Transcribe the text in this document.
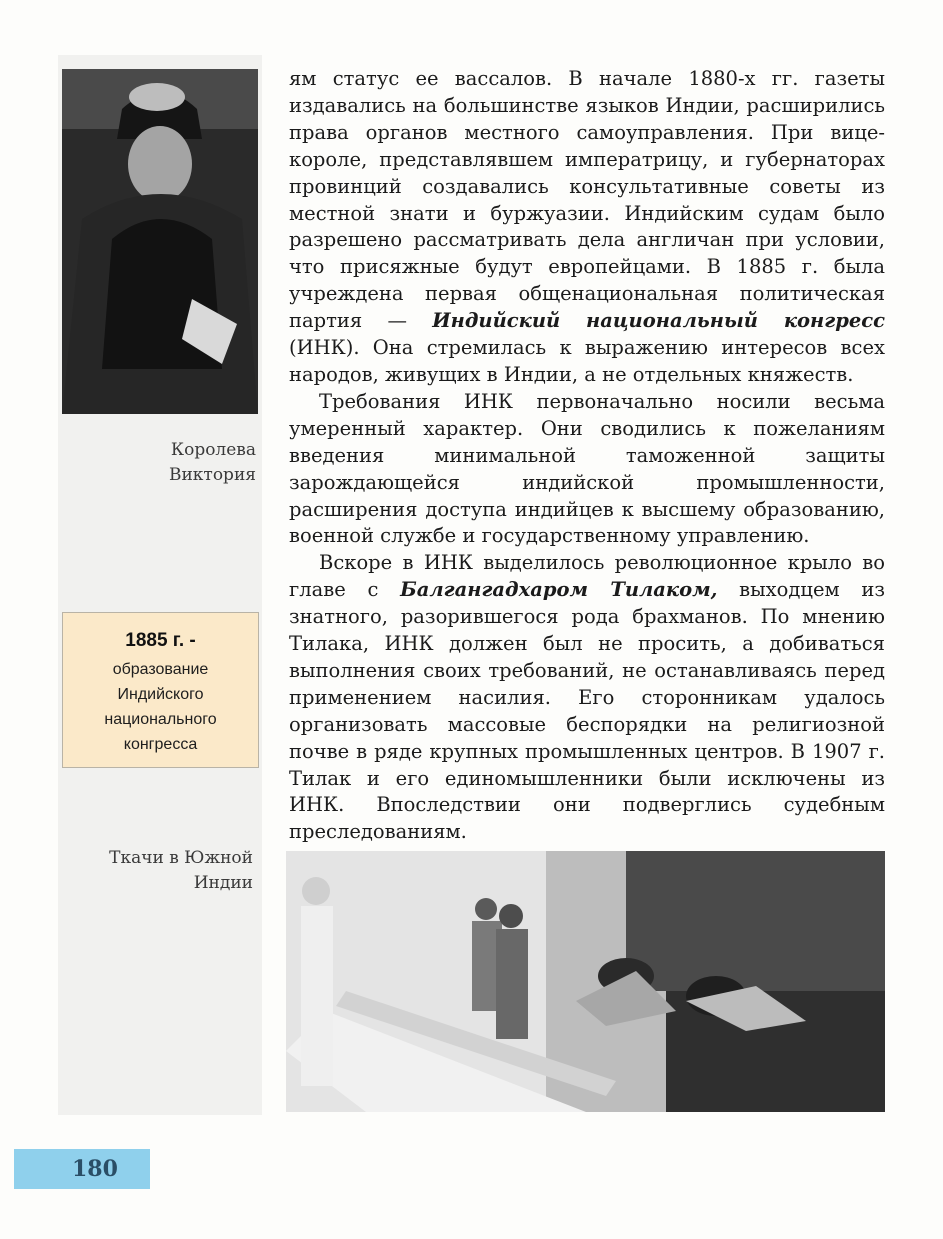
Королева
Виктория
1885 г. -
образование
Индийского
национального
конгресса
Ткачи в Южной
Индии

ям статус ее вассалов. В начале 1880-х гг. газеты издавались на большинстве языков Индии, расширились права органов местного самоуправления. При вице-короле, представлявшем императрицу, и губернаторах провинций создавались консультативные советы из местной знати и буржуазии. Индийским судам было разрешено рассматривать дела англичан при условии, что присяжные будут европейцами. В 1885 г. была учреждена первая общенациональная политическая партия — Индийский национальный конгресс (ИНК). Она стремилась к выражению интересов всех народов, живущих в Индии, а не отдельных княжеств.

Требования ИНК первоначально носили весьма умеренный характер. Они сводились к пожеланиям введения минимальной таможенной защиты зарождающейся индийской промышленности, расширения доступа индийцев к высшему образованию, военной службе и государственному управлению.

Вскоре в ИНК выделилось революционное крыло во главе с Балгангадхаром Тилаком, выходцем из знатного, разорившегося рода брахманов. По мнению Тилака, ИНК должен был не просить, а добиваться выполнения своих требований, не останавливаясь перед применением насилия. Его сторонникам удалось организовать массовые беспорядки на религиозной почве в ряде крупных промышленных центров. В 1907 г. Тилак и его единомышленники были исключены из ИНК. Впоследствии они подверглись судебным преследованиям.

180
